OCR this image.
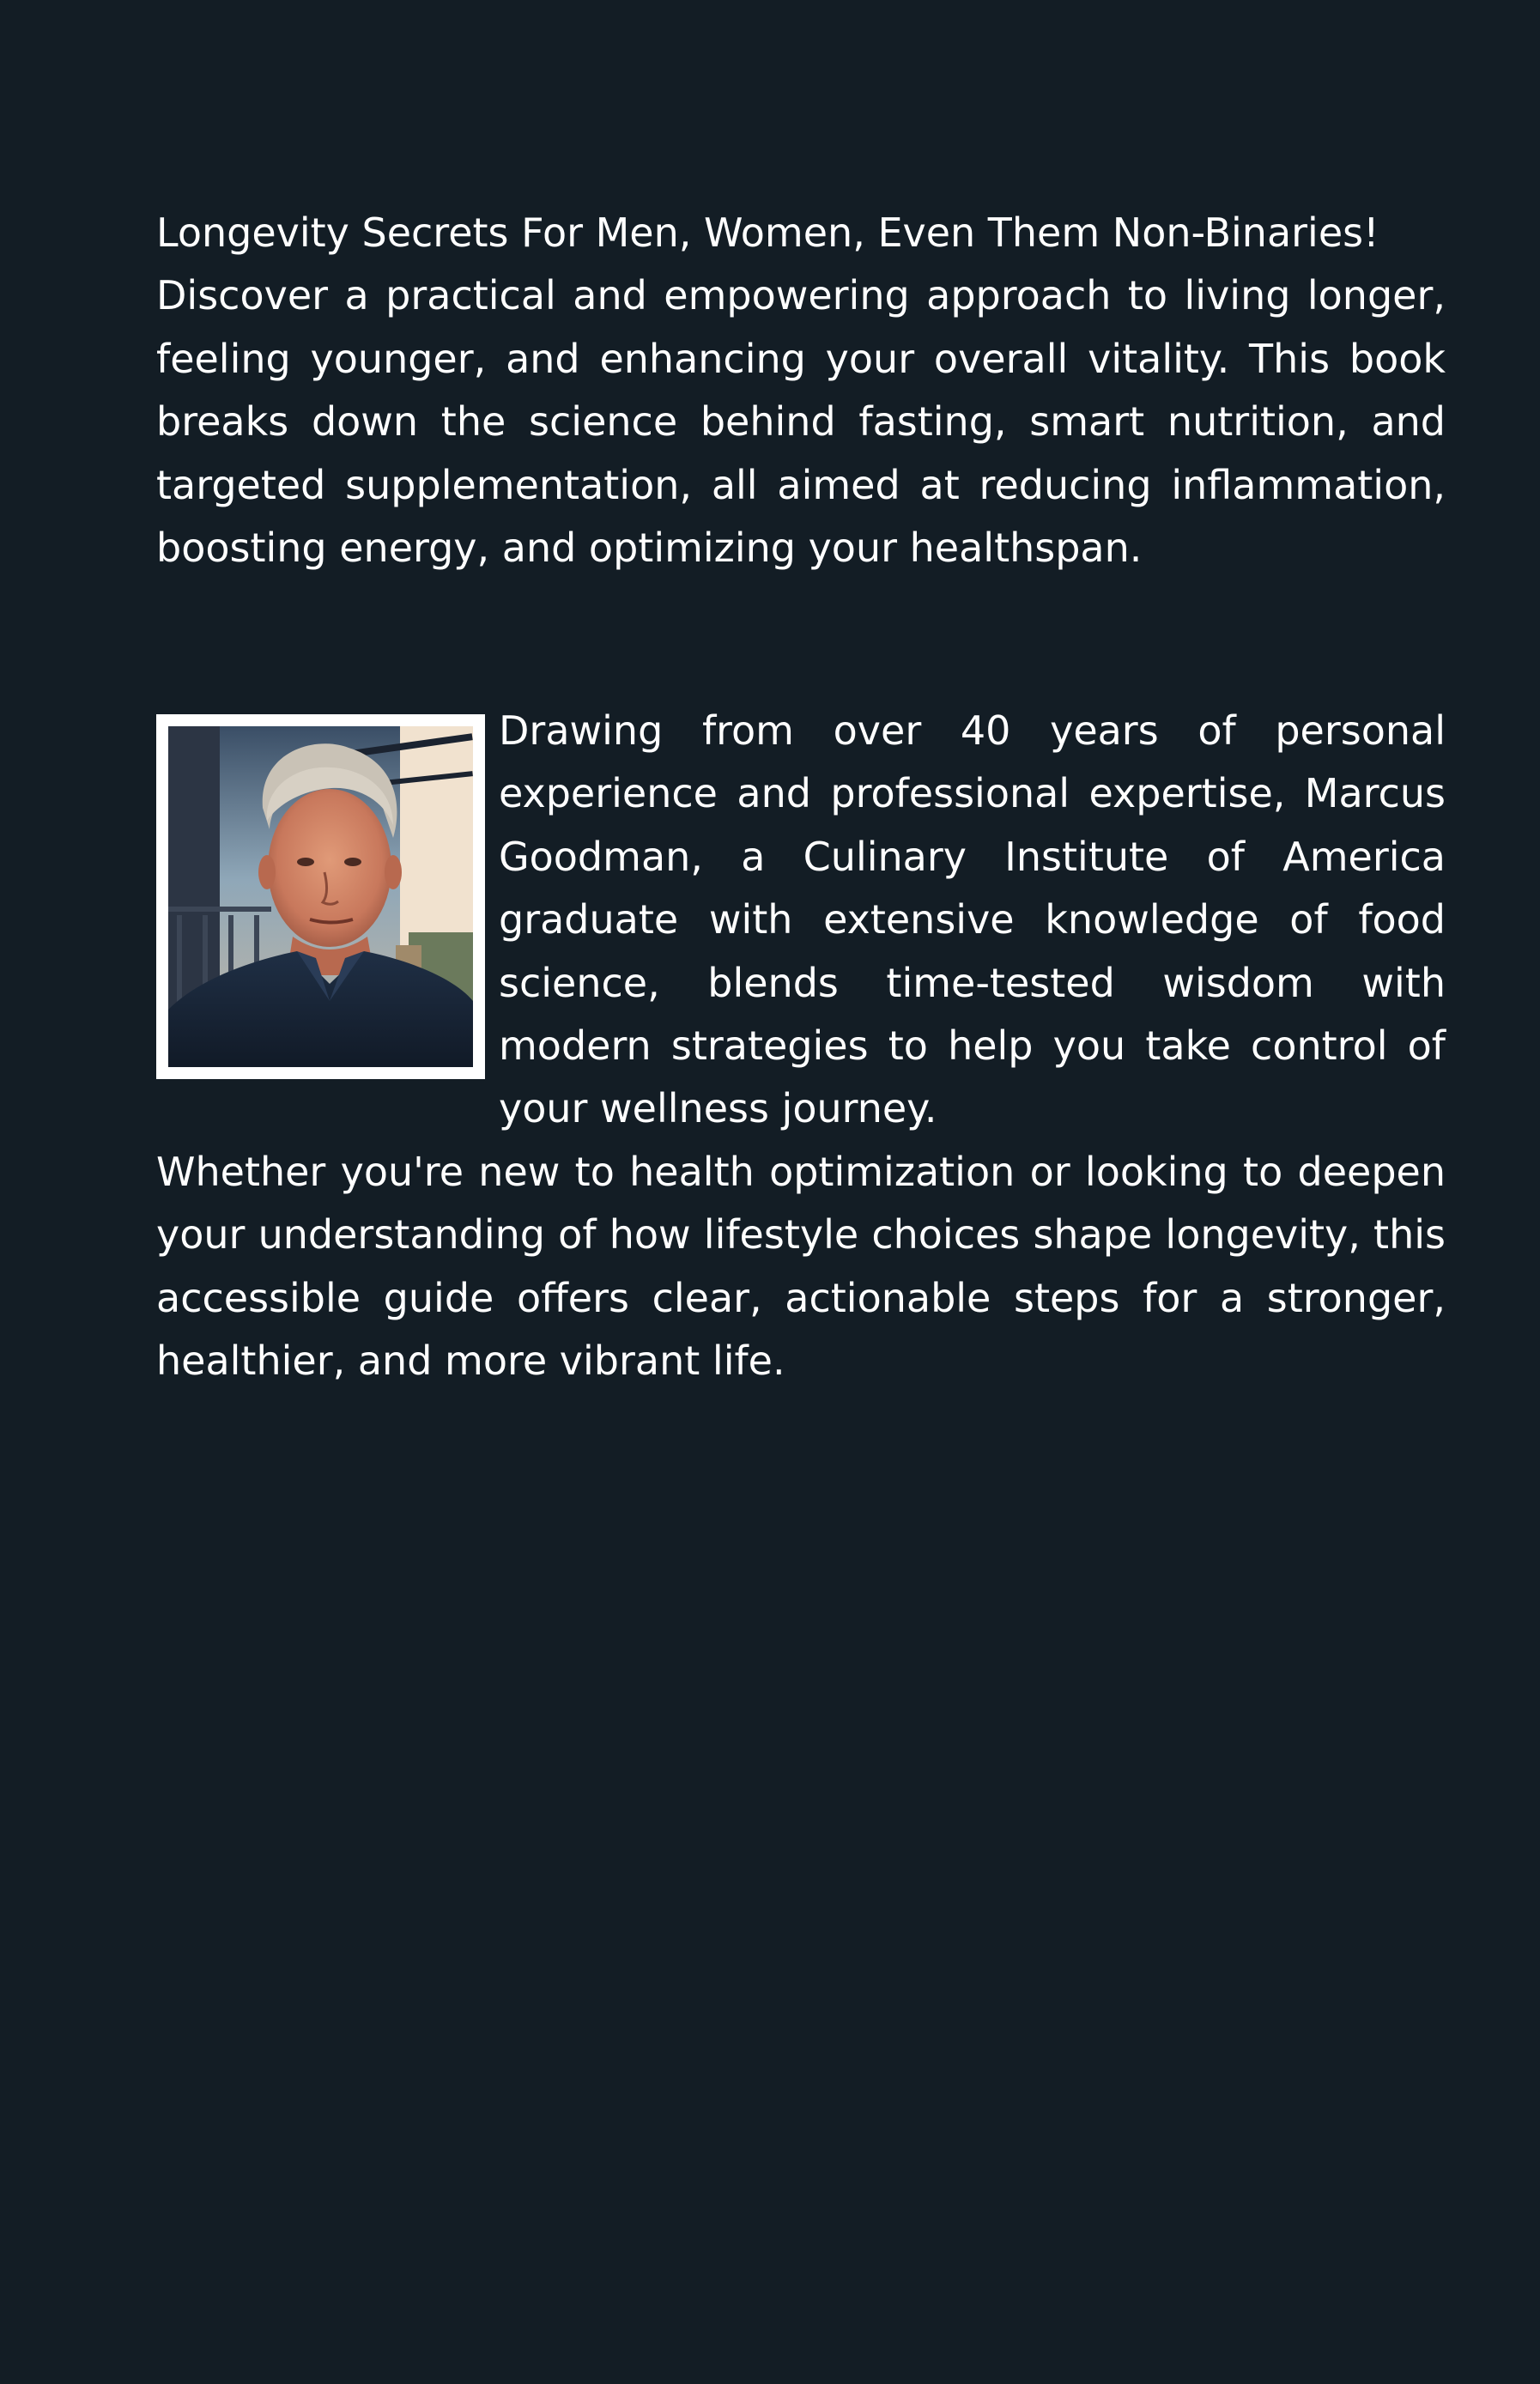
Longevity Secrets For Men, Women, Even Them Non-Binaries!

Discover a practical and empowering approach to living longer, feeling younger, and enhancing your overall vitality. This book breaks down the science behind fasting, smart nutrition, and targeted supplementation, all aimed at reducing inflammation, boosting energy, and optimizing your healthspan.

Drawing from over 40 years of personal experience and professional expertise, Marcus Goodman, a Culinary Institute of America graduate with extensive knowledge of food science, blends time-tested wisdom with modern strategies to help you take control of your wellness journey.

Whether you're new to health optimization or looking to deepen your understanding of how lifestyle choices shape longevity, this accessible guide offers clear, actionable steps for a stronger, healthier, and more vibrant life.
